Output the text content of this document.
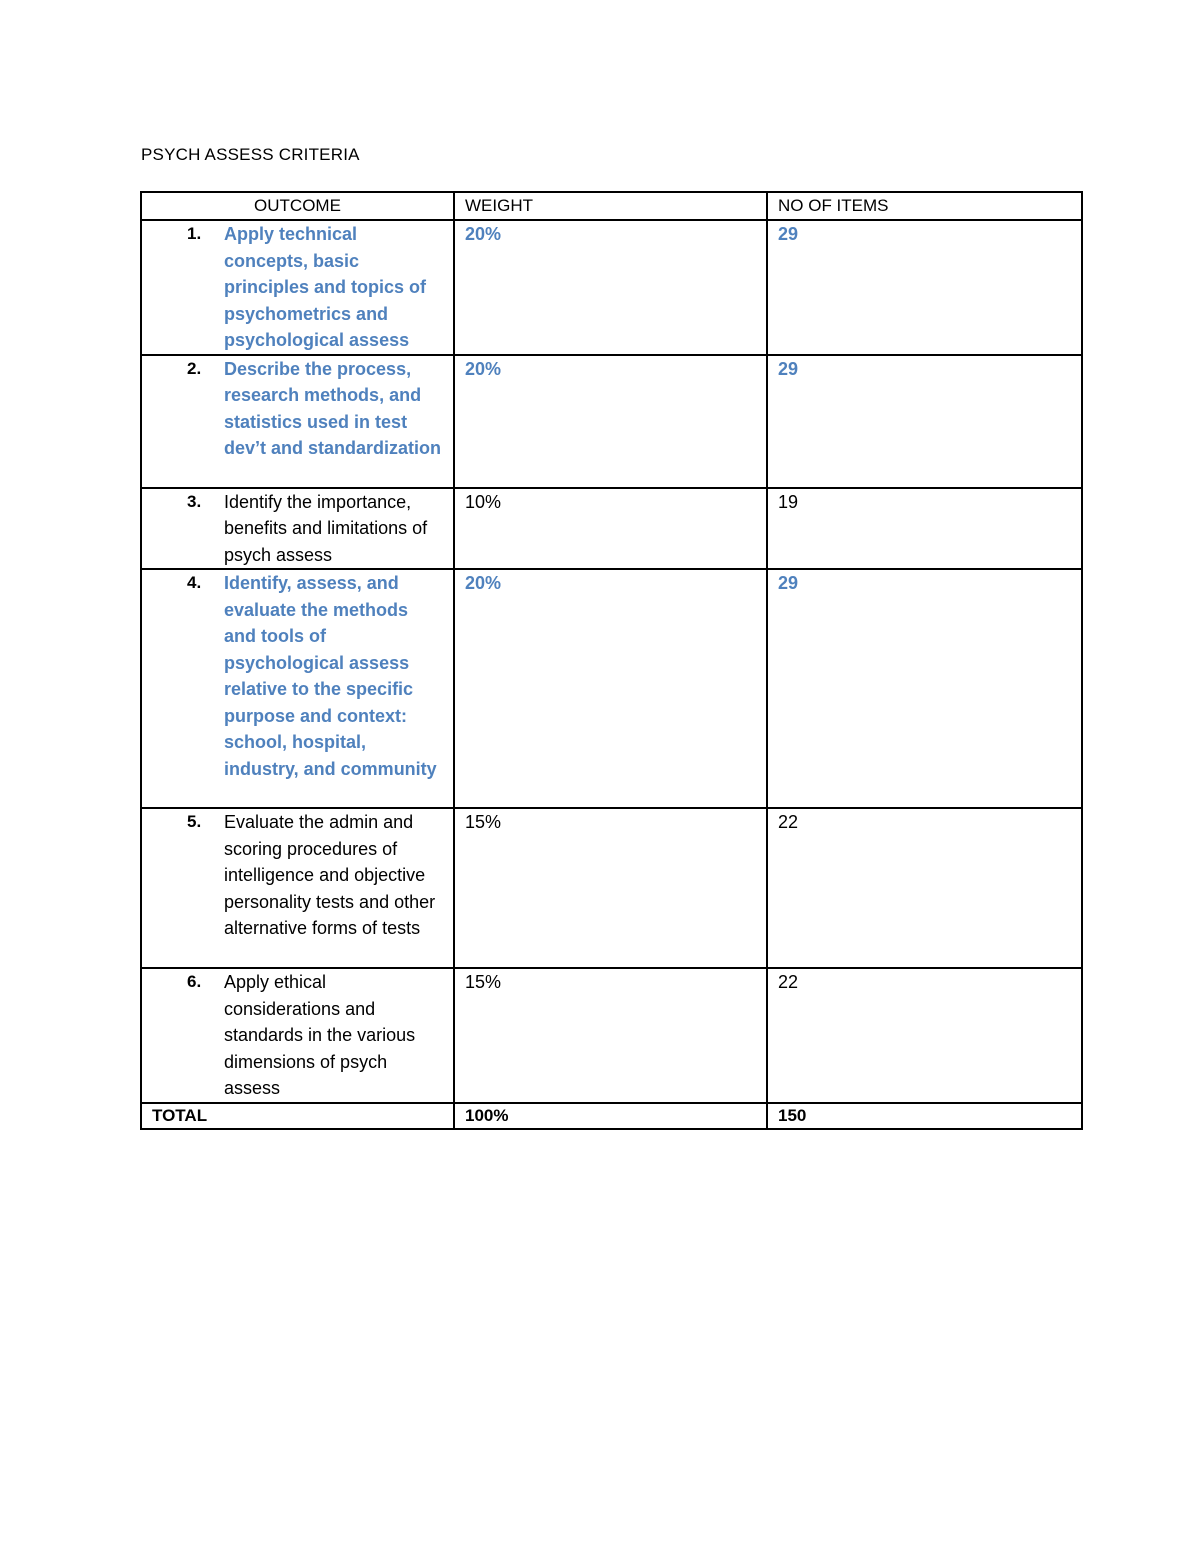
PSYCH ASSESS CRITERIA
OUTCOME	WEIGHT	NO OF ITEMS

1. Apply technical concepts, basic principles and topics of psychometrics and psychological assess	20%	29

2. Describe the process, research methods, and statistics used in test dev’t and standardization	20%	29

3. Identify the importance, benefits and limitations of psych assess	10%	19

4. Identify, assess, and evaluate the methods and tools of psychological assess relative to the specific purpose and context: school, hospital, industry, and community	20%	29

5. Evaluate the admin and scoring procedures of intelligence and objective personality tests and other alternative forms of tests	15%	22

6. Apply ethical considerations and standards in the various dimensions of psych assess	15%	22
TOTAL	100%	150
